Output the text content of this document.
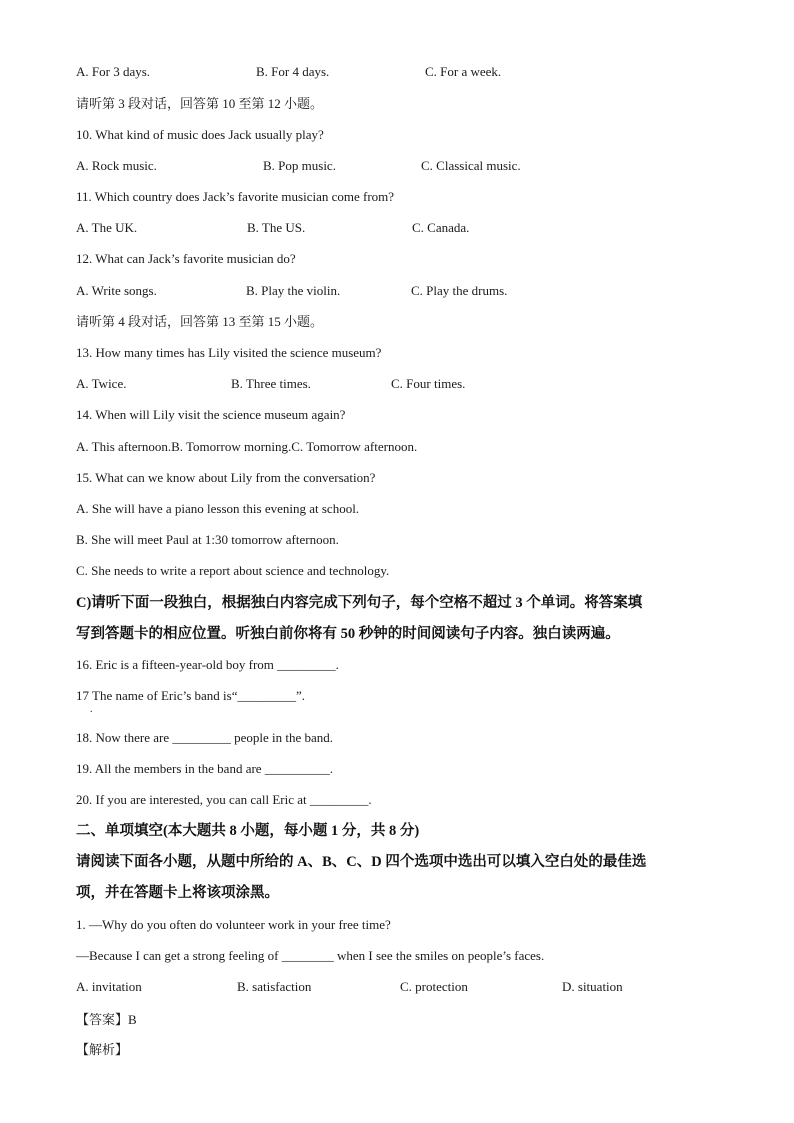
A. For 3 days.	B. For 4 days.	C. For a week.
请听第 3 段对话，回答第 10 至第 12 小题。
10. What kind of music does Jack usually play?
A. Rock music.	B. Pop music.	C. Classical music.
11. Which country does Jack’s favorite musician come from?
A. The UK.	B. The US.	C. Canada.
12. What can Jack’s favorite musician do?
A. Write songs.	B. Play the violin.	C. Play the drums.
请听第 4 段对话，回答第 13 至第 15 小题。
13. How many times has Lily visited the science museum?
A. Twice.	B. Three times.	C. Four times.
14. When will Lily visit the science museum again?
A. This afternoon.B. Tomorrow morning.C. Tomorrow afternoon.
15. What can we know about Lily from the conversation?
A. She will have a piano lesson this evening at school.
B. She will meet Paul at 1:30 tomorrow afternoon.
C. She needs to write a report about science and technology.
C)请听下面一段独白，根据独白内容完成下列句子，每个空格不超过 3 个单词。将答案填
写到答题卡的相应位置。听独白前你将有 50 秒钟的时间阅读句子内容。独白读两遍。
16. Eric is a fifteen-year-old boy from _________.
17 The name of Eric’s band is“_________”.
.
18. Now there are _________ people in the band.
19. All the members in the band are __________.
20. If you are interested, you can call Eric at _________.
二、单项填空(本大题共 8 小题，每小题 1 分，共 8 分)
请阅读下面各小题，从题中所给的 A、B、C、D 四个选项中选出可以填入空白处的最佳选
项，并在答题卡上将该项涂黑。
1. —Why do you often do volunteer work in your free time?
—Because I can get a strong feeling of ________ when I see the smiles on people’s faces.
A. invitation	B. satisfaction	C. protection	D. situation
【答案】B
【解析】
